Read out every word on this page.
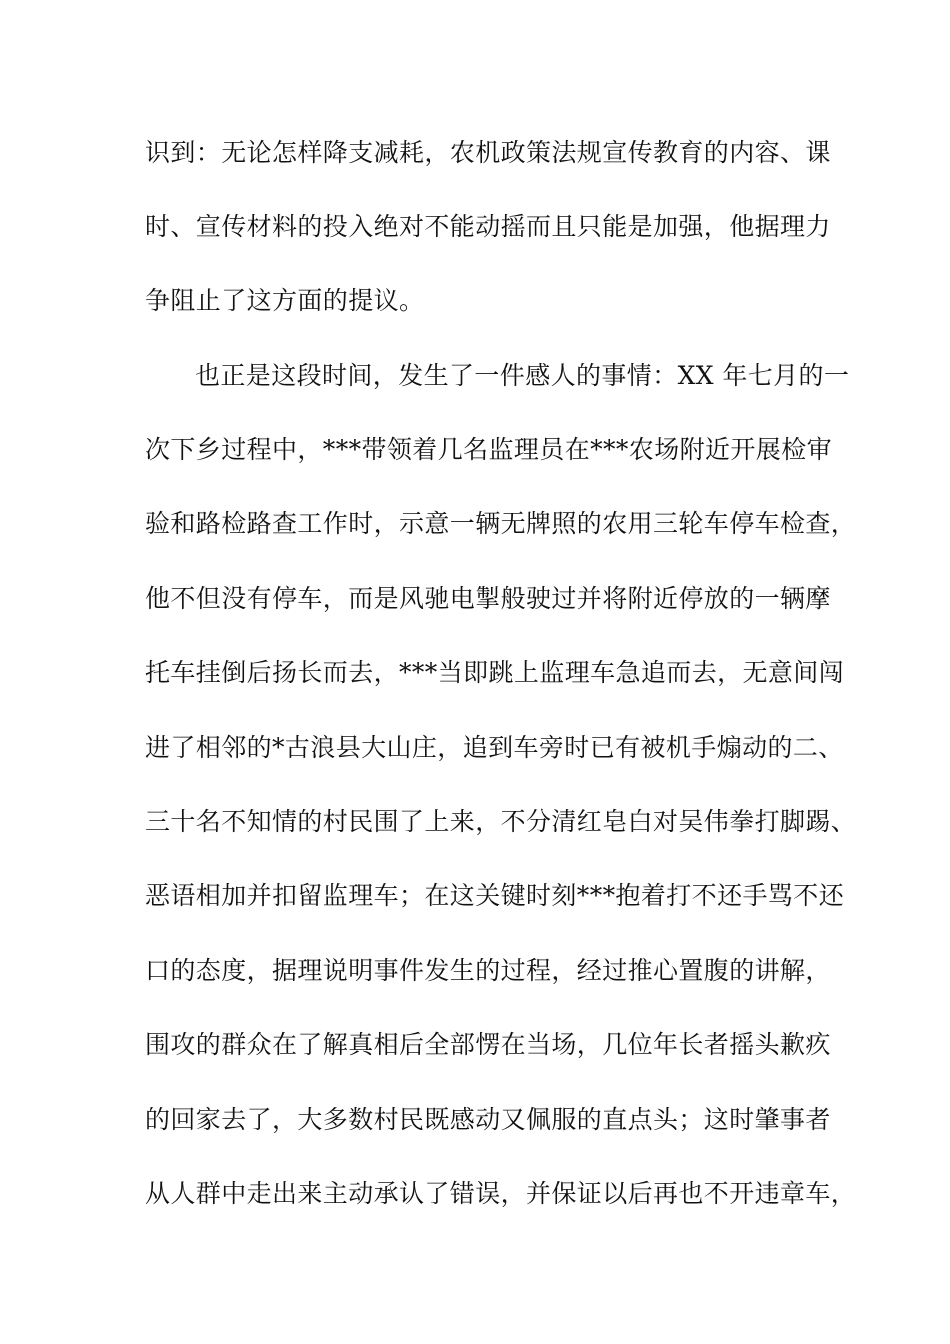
识到：无论怎样降支减耗，农机政策法规宣传教育的内容、课
时、宣传材料的投入绝对不能动摇而且只能是加强，他据理力
争阻止了这方面的提议。
也正是这段时间，发生了一件感人的事情：XX 年七月的一
次下乡过程中，***带领着几名监理员在***农场附近开展检审
验和路检路查工作时，示意一辆无牌照的农用三轮车停车检查，
他不但没有停车，而是风驰电掣般驶过并将附近停放的一辆摩
托车挂倒后扬长而去，***当即跳上监理车急追而去，无意间闯
进了相邻的*古浪县大山庄，追到车旁时已有被机手煽动的二、
三十名不知情的村民围了上来，不分清红皂白对吴伟拳打脚踢、
恶语相加并扣留监理车；在这关键时刻***抱着打不还手骂不还
口的态度，据理说明事件发生的过程，经过推心置腹的讲解，
围攻的群众在了解真相后全部愣在当场，几位年长者摇头歉疚
的回家去了，大多数村民既感动又佩服的直点头；这时肇事者
从人群中走出来主动承认了错误，并保证以后再也不开违章车，
